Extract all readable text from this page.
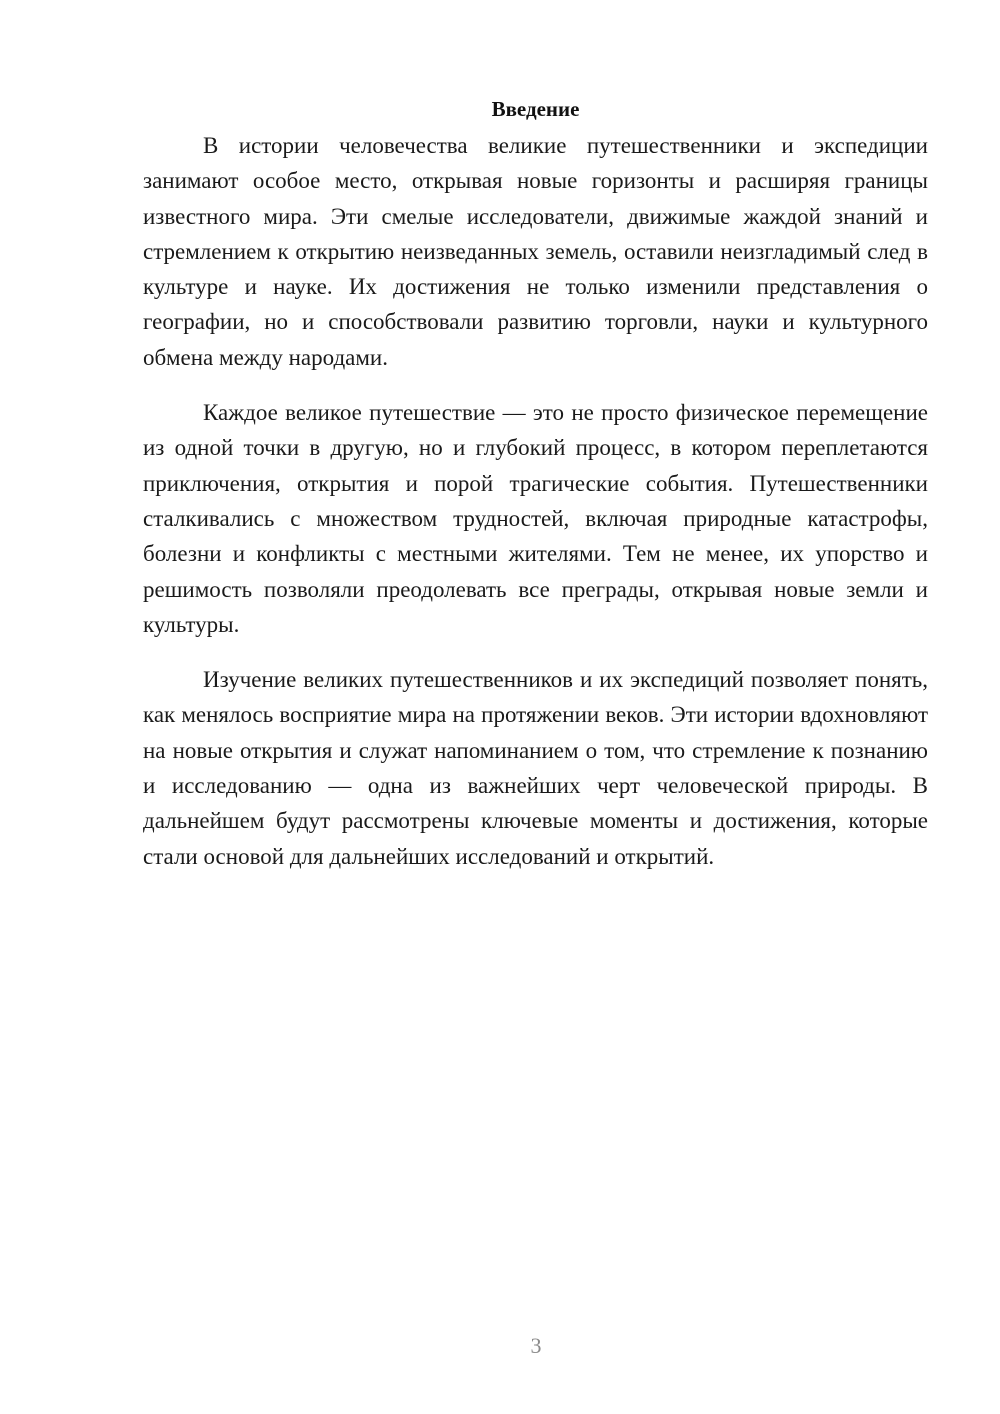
Введение

В истории человечества великие путешественники и экспедиции занимают особое место, открывая новые горизонты и расширяя границы известного мира. Эти смелые исследователи, движимые жаждой знаний и стремлением к открытию неизведанных земель, оставили неизгладимый след в культуре и науке. Их достижения не только изменили представления о географии, но и способствовали развитию торговли, науки и культурного обмена между народами.

Каждое великое путешествие — это не просто физическое перемещение из одной точки в другую, но и глубокий процесс, в котором переплетаются приключения, открытия и порой трагические события. Путешественники сталкивались с множеством трудностей, включая природные катастрофы, болезни и конфликты с местными жителями. Тем не менее, их упорство и решимость позволяли преодолевать все преграды, открывая новые земли и культуры.

Изучение великих путешественников и их экспедиций позволяет понять, как менялось восприятие мира на протяжении веков. Эти истории вдохновляют на новые открытия и служат напоминанием о том, что стремление к познанию и исследованию — одна из важнейших черт человеческой природы. В дальнейшем будут рассмотрены ключевые моменты и достижения, которые стали основой для дальнейших исследований и открытий.

3
